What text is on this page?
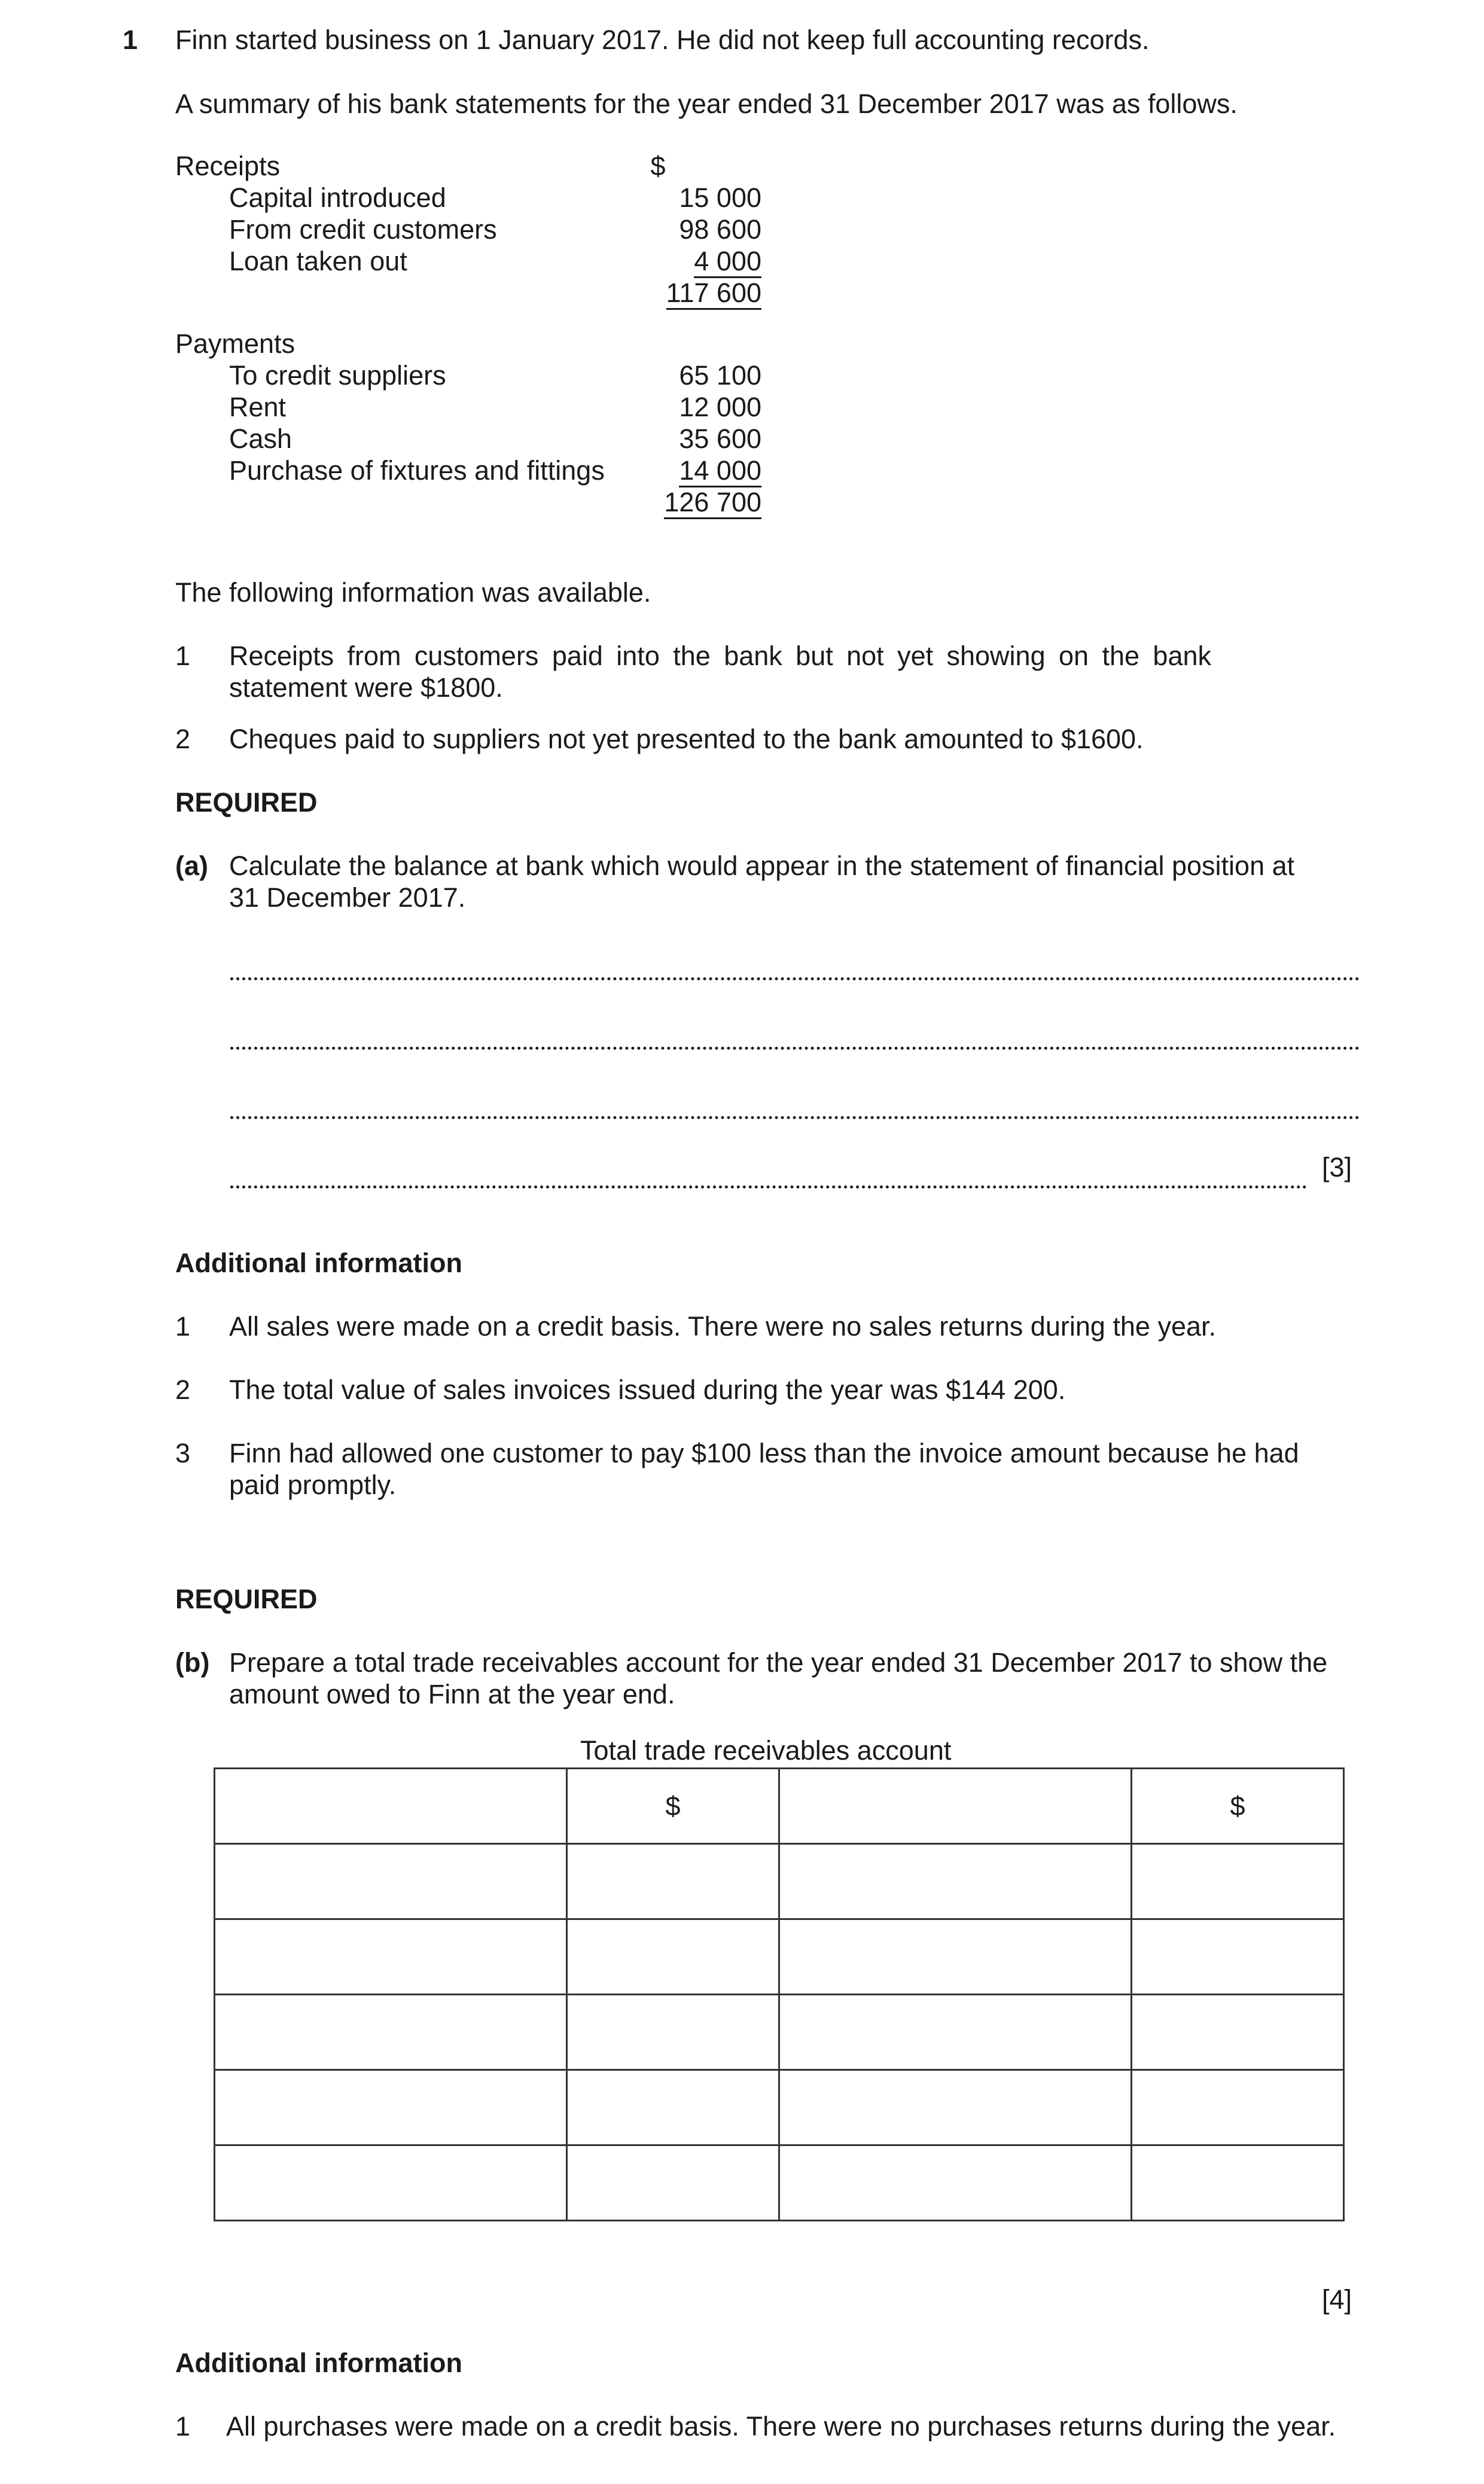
1 Finn started business on 1 January 2017. He did not keep full accounting records.
A summary of his bank statements for the year ended 31 December 2017 was as follows.
$
Receipts
Capital introduced	15 000
From credit customers	98 600
Loan taken out	4 000
117 600
Payments
To credit suppliers	65 100
Rent	12 000
Cash	35 600
Purchase of fixtures and fittings	14 000
126 700
The following information was available.
1 Receipts from customers paid into the bank but not yet showing on the bank
statement were $1800.
2 Cheques paid to suppliers not yet presented to the bank amounted to $1600.
REQUIRED
(a) Calculate the balance at bank which would appear in the statement of financial position at
31 December 2017.
[3]
Additional information
1 All sales were made on a credit basis. There were no sales returns during the year.
2 The total value of sales invoices issued during the year was $144 200.
3 Finn had allowed one customer to pay $100 less than the invoice amount because he had
paid promptly.
REQUIRED
(b) Prepare a total trade receivables account for the year ended 31 December 2017 to show the
amount owed to Finn at the year end.
Total trade receivables account
	$		$

[4]
Additional information
1 All purchases were made on a credit basis. There were no purchases returns during the year.
